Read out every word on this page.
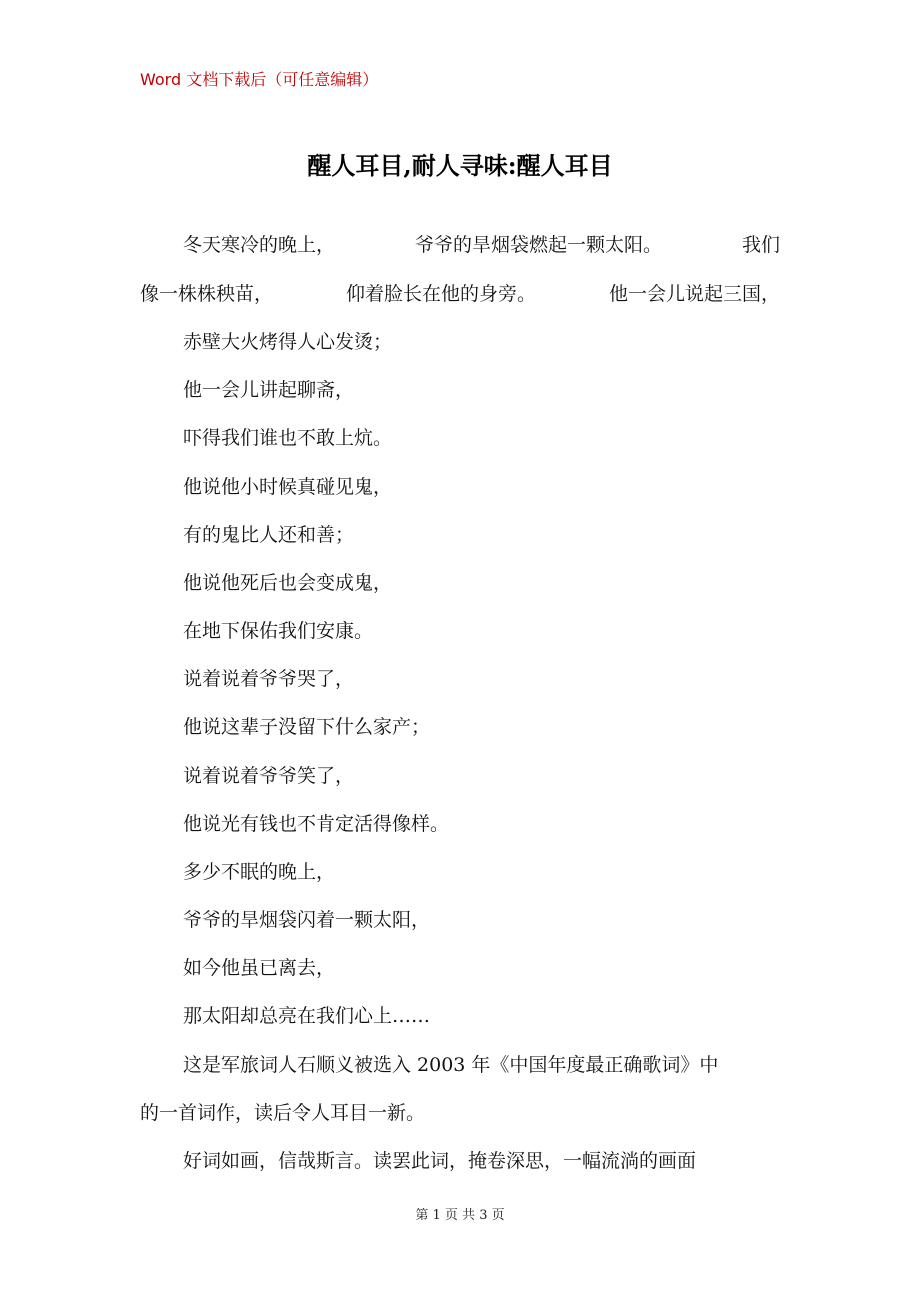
Word 文档下载后（可任意编辑）
醒人耳目,耐人寻味:醒人耳目
冬天寒冷的晚上，	爷爷的旱烟袋燃起一颗太阳。	我们
像一株株秧苗，	仰着脸长在他的身旁。	他一会儿说起三国，
赤壁大火烤得人心发烫；
他一会儿讲起聊斋，
吓得我们谁也不敢上炕。
他说他小时候真碰见鬼，
有的鬼比人还和善；
他说他死后也会变成鬼，
在地下保佑我们安康。
说着说着爷爷哭了，
他说这辈子没留下什么家产；
说着说着爷爷笑了，
他说光有钱也不肯定活得像样。
多少不眠的晚上，
爷爷的旱烟袋闪着一颗太阳，
如今他虽已离去，
那太阳却总亮在我们心上……
这是军旅词人石顺义被选入 2003 年《中国年度最正确歌词》中
的一首词作，读后令人耳目一新。
好词如画，信哉斯言。读罢此词，掩卷深思，一幅流淌的画面
第 1 页 共 3 页
